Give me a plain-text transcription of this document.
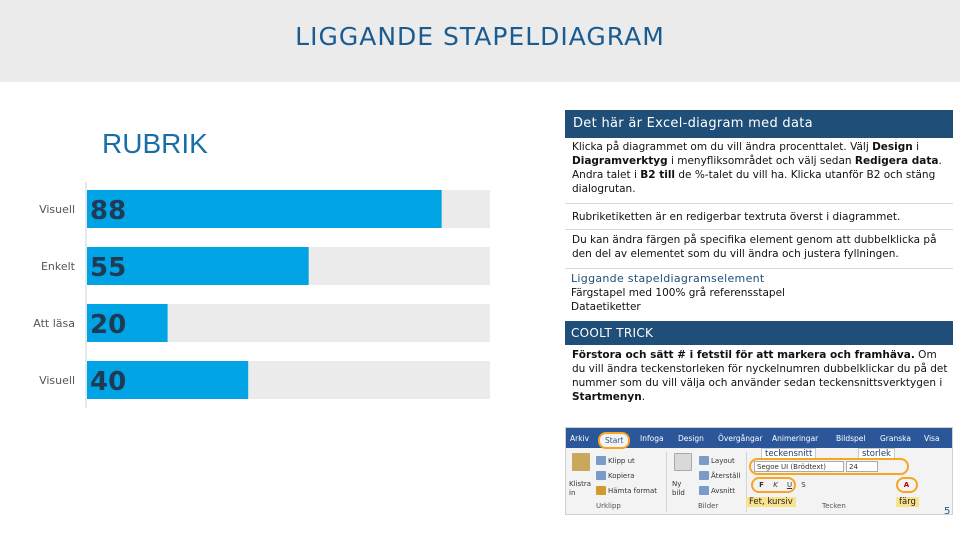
LIGGANDE STAPELDIAGRAM
RUBRIK
Visuell 88
Enkelt 55
Att läsa 20
Visuell 40
Det här är Excel-diagram med data
Klicka på diagrammet om du vill ändra procenttalet. Välj Design i Diagramverktyg i menyfliksområdet och välj sedan Redigera data. Andra talet i B2 till de %-talet du vill ha. Klicka utanför B2 och stäng dialogrutan.
Rubriketiketten är en redigerbar textruta överst i diagrammet.
Du kan ändra färgen på specifika element genom att dubbelklicka på den del av elementet som du vill ändra och justera fyllningen.
Liggande stapeldiagramselement
Färgstapel med 100% grå referensstapel
Dataetiketter
COOLT TRICK
Förstora och sätt # i fetstil för att markera och framhäva. Om du vill ändra teckenstorleken för nyckelnumren dubbelklickar du på det nummer som du vill välja och använder sedan teckensnittsverktygen i Startmenyn.
Arkiv	Start	Infoga Design Övergångar Animeringar Bildspel Granska Visa
Klistra in
Klipp ut
Kopiera
Hämta format
Urklipp
Ny bild
Layout
Återställ
Avsnitt
Bilder
teckensnitt	storlek
Segoe UI (Brödtext)	24
F	K	U	S	A
Fet, kursiv	färg
Tecken	5
